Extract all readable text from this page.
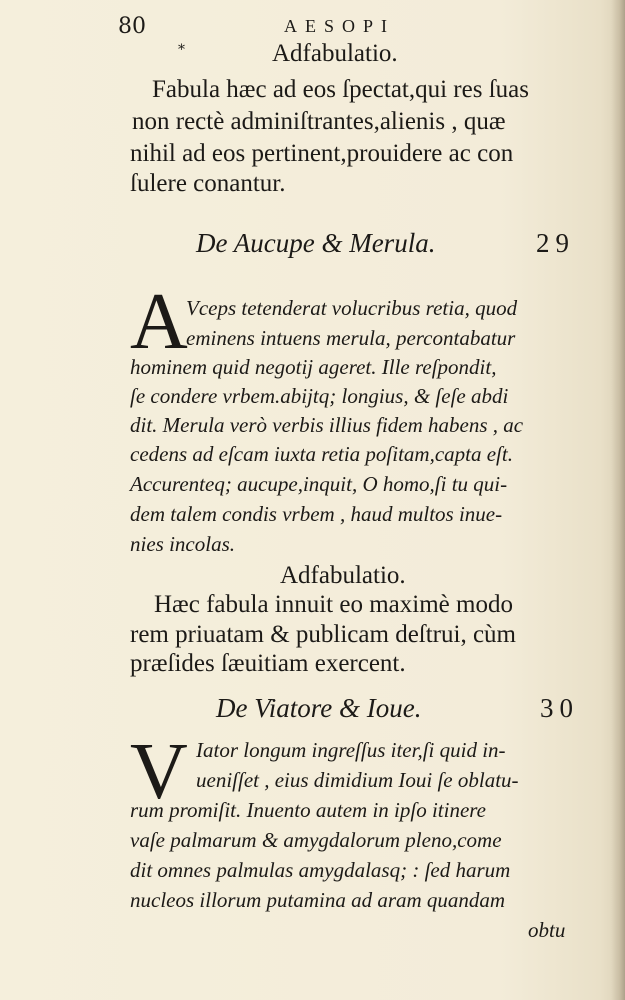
80	AESOPI
*	Adfabulatio.
Fabula hæc ad eos ſpectat,qui res ſuas
non rectè adminiſtrantes,alienis , quæ
nihil ad eos pertinent,prouidere ac con
ſulere conantur.
De Aucupe & Merula.	29
A
Vceps tetenderat volucribus retia, quod
eminens intuens merula, percontabatur
hominem quid negotij ageret. Ille reſpondit,
ſe condere vrbem.abijtq; longius, & ſeſe abdi
dit. Merula verò verbis illius fidem habens , ac
cedens ad eſcam iuxta retia poſitam,capta eſt.
Accurenteq; aucupe,inquit, O homo,ſi tu qui-
dem talem condis vrbem , haud multos inue-
nies incolas.
Adfabulatio.
Hæc fabula innuit eo maximè modo
rem priuatam & publicam deſtrui, cùm
præſides ſæuitiam exercent.
De Viatore & Ioue.	30
V Iator longum ingreſſus iter,ſi quid in-
ueniſſet , eius dimidium Ioui ſe oblatu-
rum promiſit. Inuento autem in ipſo itinere
vaſe palmarum & amygdalorum pleno,come
dit omnes palmulas amygdalasq; : ſed harum
nucleos illorum putamina ad aram quandam
obtu
